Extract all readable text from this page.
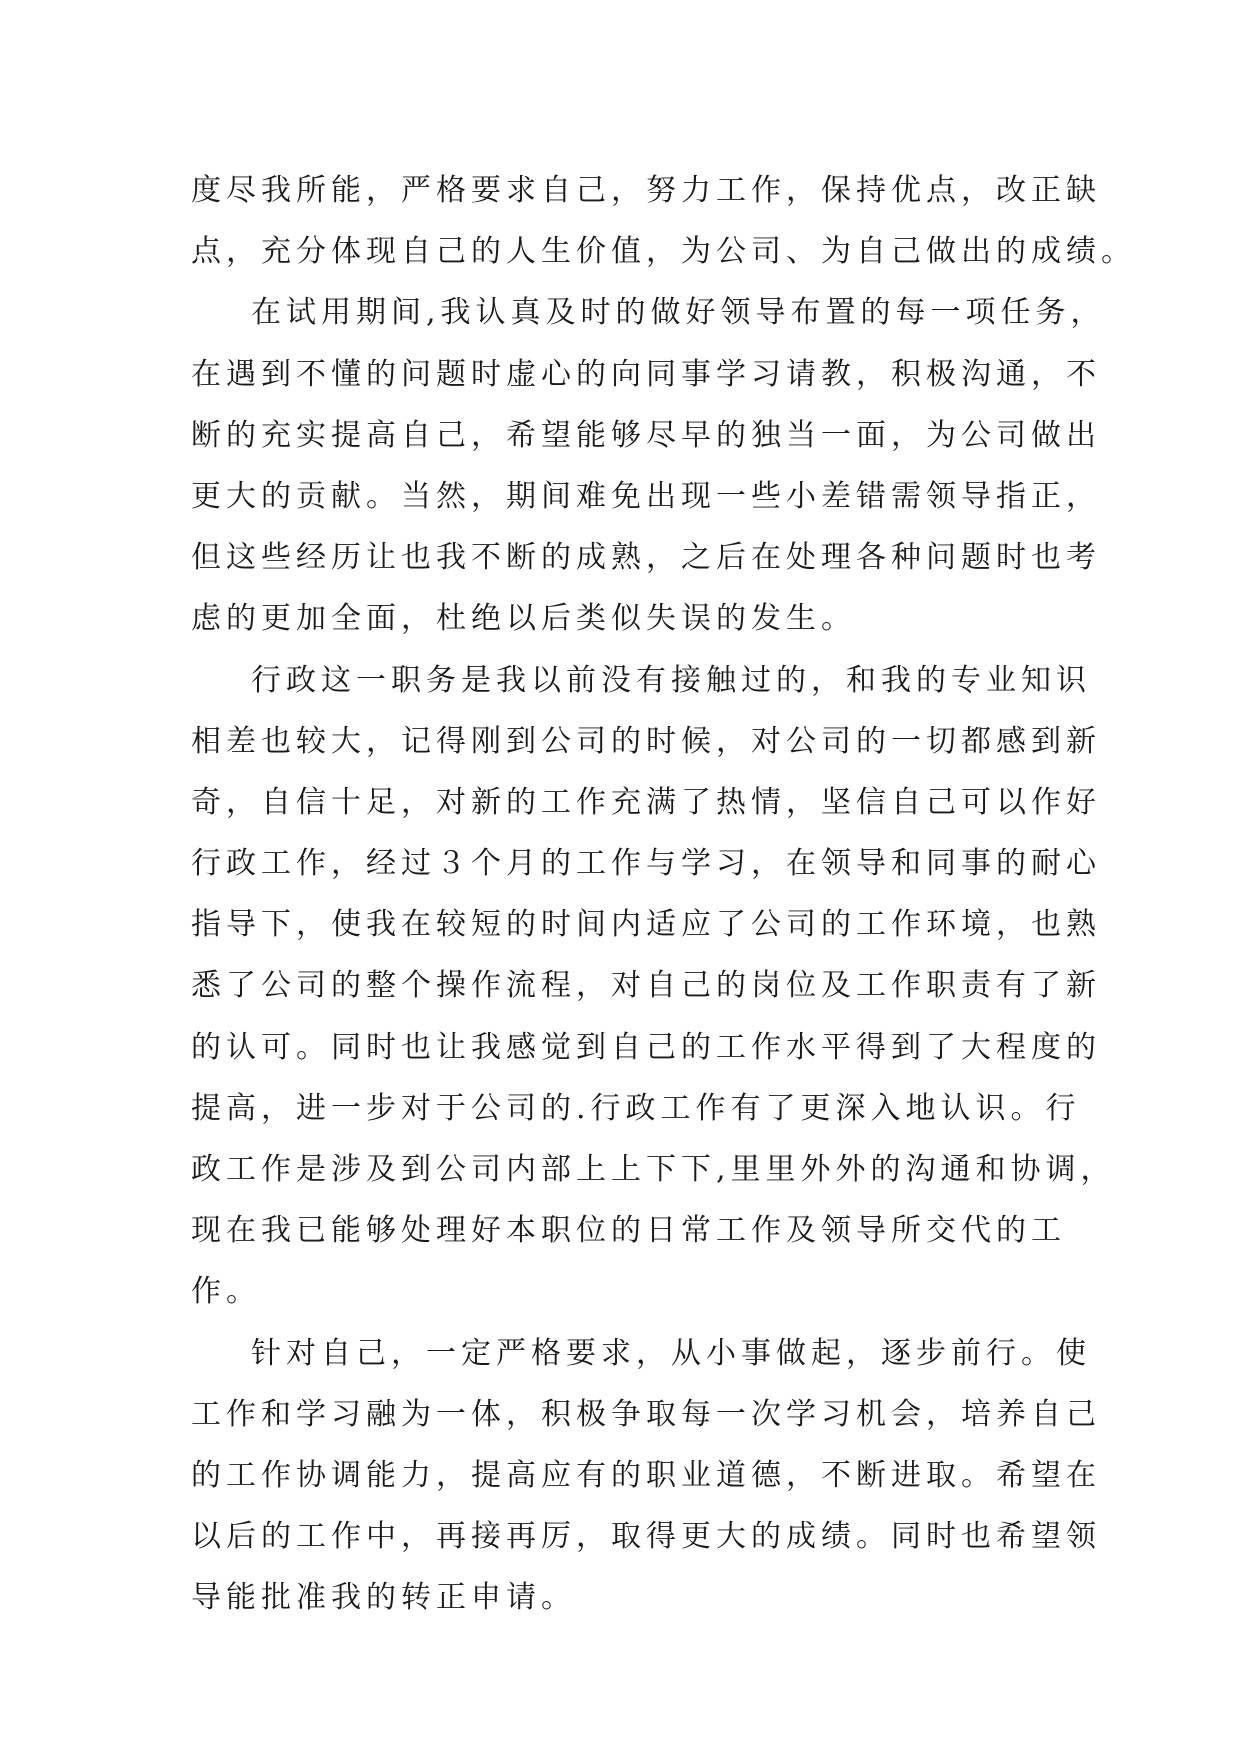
度尽我所能，严格要求自己，努力工作，保持优点，改正缺
点，充分体现自己的人生价值，为公司、为自己做出的成绩。
在试用期间,我认真及时的做好领导布置的每一项任务，
在遇到不懂的问题时虚心的向同事学习请教，积极沟通，不
断的充实提高自己，希望能够尽早的独当一面，为公司做出
更大的贡献。当然，期间难免出现一些小差错需领导指正，
但这些经历让也我不断的成熟，之后在处理各种问题时也考
虑的更加全面，杜绝以后类似失误的发生。
行政这一职务是我以前没有接触过的，和我的专业知识
相差也较大，记得刚到公司的时候，对公司的一切都感到新
奇，自信十足，对新的工作充满了热情，坚信自己可以作好
行政工作，经过３个月的工作与学习，在领导和同事的耐心
指导下，使我在较短的时间内适应了公司的工作环境，也熟
悉了公司的整个操作流程，对自己的岗位及工作职责有了新
的认可。同时也让我感觉到自己的工作水平得到了大程度的
提高，进一步对于公司的.行政工作有了更深入地认识。行
政工作是涉及到公司内部上上下下,里里外外的沟通和协调，
现在我已能够处理好本职位的日常工作及领导所交代的工
作。
针对自己，一定严格要求，从小事做起，逐步前行。使
工作和学习融为一体，积极争取每一次学习机会，培养自己
的工作协调能力，提高应有的职业道德，不断进取。希望在
以后的工作中，再接再厉，取得更大的成绩。同时也希望领
导能批准我的转正申请。
